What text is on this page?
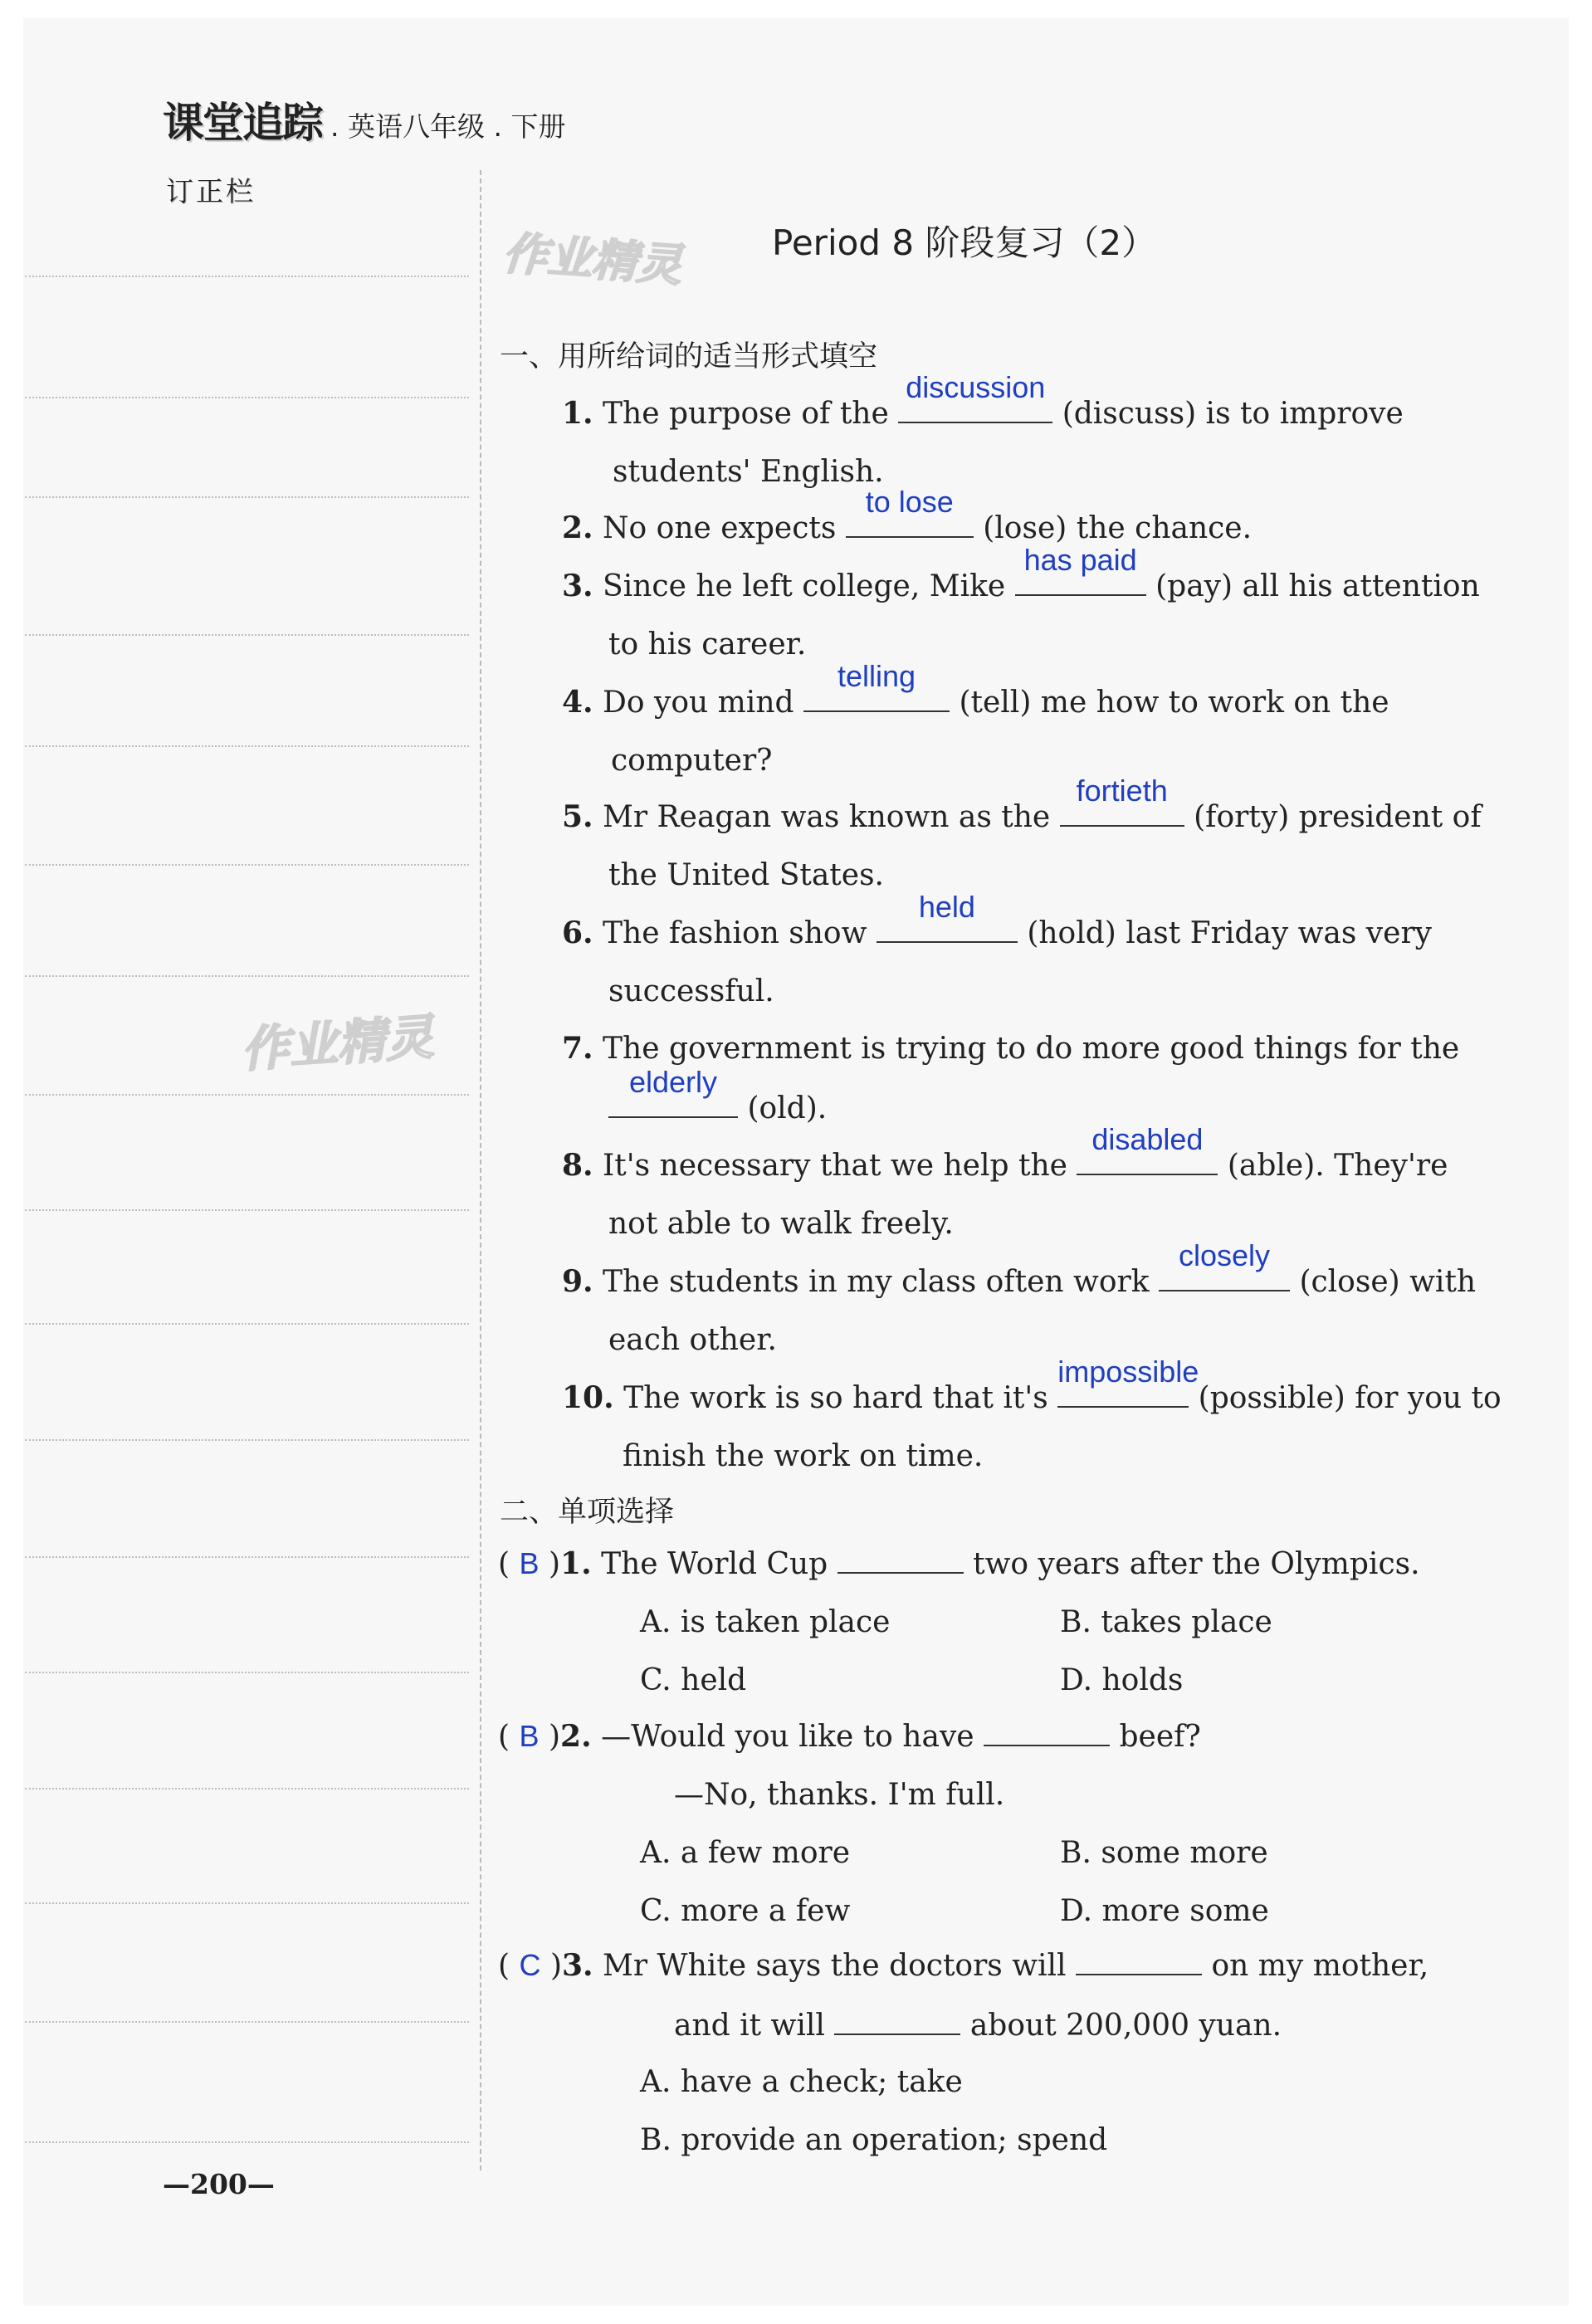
课堂追踪 . 英语八年级 . 下册
订正栏
作业精灵
作业精灵
Period 8 阶段复习（2）
一、用所给词的适当形式填空
1. The purpose of the
discussion
(discuss) is to improve
students' English.
2. No one expects
to lose
(lose) the chance.
3. Since he left college, Mike
has paid
(pay) all his attention
to his career.
4. Do you mind
telling
(tell) me how to work on the
computer?
5. Mr Reagan was known as the
fortieth
(forty) president of
the United States.
6. The fashion show
held
(hold) last Friday was very
successful.
7. The government is trying to do more good things for the

elderly
(old).
8. It's necessary that we help the
disabled
(able). They're
not able to walk freely.
9. The students in my class often work
closely
(close) with
each other.
10. The work is so hard that it's
impossible
(possible) for you to
finish the work on time.
二、单项选择
( B )1. The World Cup	two years after the Olympics.
A. is taken place	B. takes place
C. held	D. holds
( B )2. —Would you like to have	beef?
—No, thanks. I'm full.
A. a few more	B. some more
C. more a few	D. more some
( C )3. Mr White says the doctors will	on my mother,
and it will	about 200,000 yuan.
A. have a check; take
B. provide an operation; spend
—200—
